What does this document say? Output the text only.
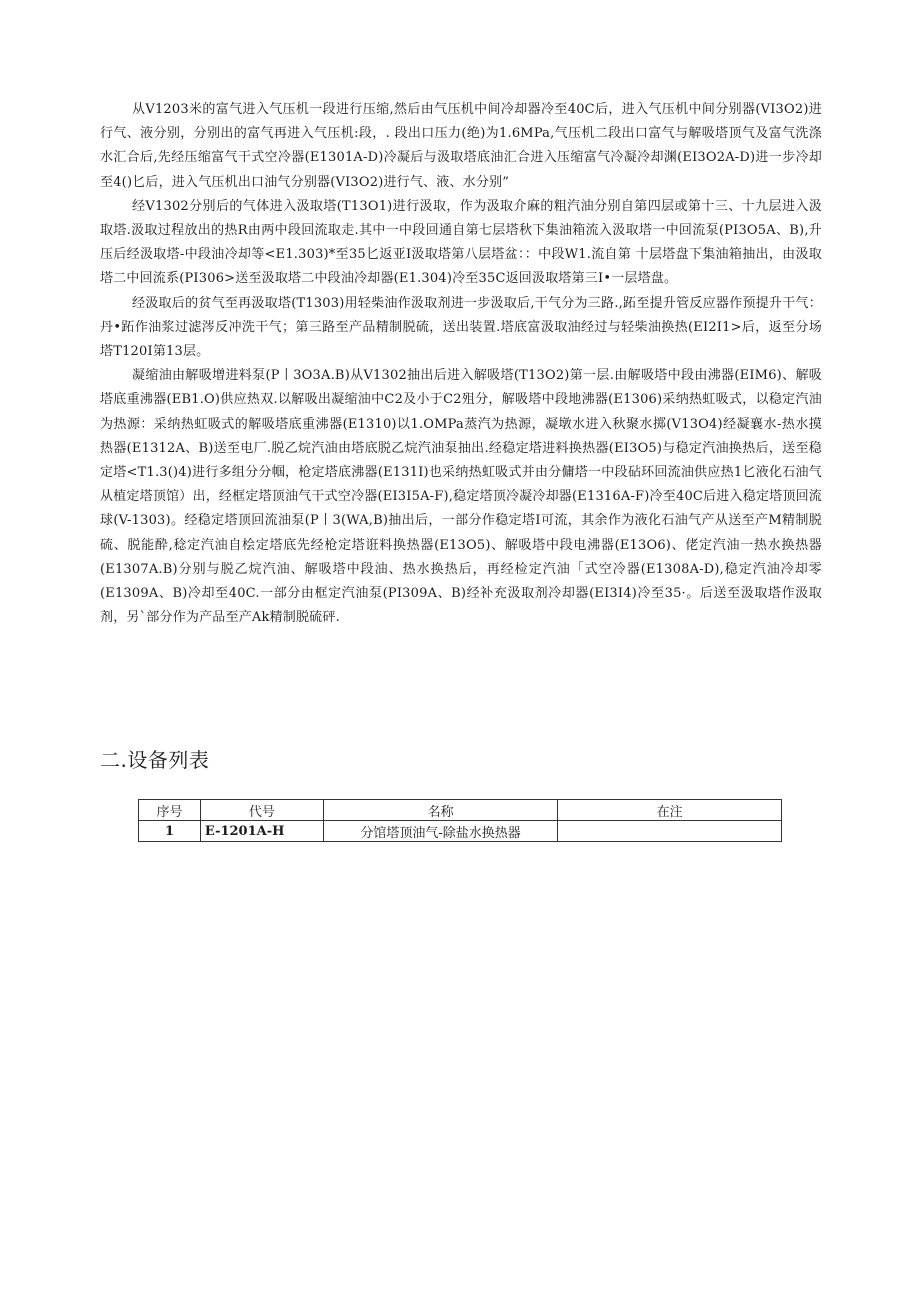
从V1203米的富气进入气压机一段进行压缩,然后由气压机中间冷却器冷至40C后，进入气压机中间分别器(VI3O2)进行气、液分别，分别出的富气再进入气压机:段，. 段出口压力(绝)为1.6MPa,气压机二段出口富气与解吸塔顶气及富气洗涤水汇合后,先经压缩富气干式空冷器(E1301A-D)冷凝后与汲取塔底油汇合进入压缩富气冷凝冷却渊(EI3O2A-D)进一步冷却至4()匕后，进入气压机出口油气分别器(VI3O2)进行气、液、水分别”

经V1302分别后的气体进入汲取塔(T13O1)进行汲取，作为汲取介麻的粗汽油分别自第四层或第十三、十九层进入汲取塔.汲取过程放出的热R由两中段回流取走.其中一中段回通自第七层塔秋下集油箱流入汲取塔一中回流泵(PI3O5A、B),升压后经汲取塔-中段油冷却等<E1.303)*至35匕返亚I汲取塔第八层塔盆：：中段W1.流自第 十层塔盘下集油箱抽出，由汲取塔二中回流系(PI306>送至汲取塔二中段油冷却器(E1.304)冷至35C返回汲取塔第三I•一层塔盘。

经汲取后的贫气至再汲取塔(T1303)用轻柴油作汲取剂进一步汲取后,干气分为三路.,跖至提升管反应器作预提升干气：丹•跖作油浆过滤涔反冲洗干气；第三路至产品精制脱硫，送出装置.塔底富汲取油经过与轻柴油换热(EI2I1>后，返至分场塔T120I第13层。

凝缩油由解吸增进料泵(P丨3O3A.B)从V1302抽出后进入解吸塔(T13O2)第一层.由解吸塔中段由沸器(EIM6)、解吸塔底重沸器(EB1.O)供应热双.以解吸出凝缩油中C2及小于C2殂分，解吸塔中段地沸器(E1306)采纳热虹吸式，以稳定汽油为热源：采纳热虹吸式的解吸塔底重沸器(E1310)以1.OMPa蒸汽为热源，凝墩水进入秋聚水掷(V13O4)经凝襄水-热水摸热器(E1312A、B)送至电厂.脱乙烷汽油由塔底脱乙烷汽油泵抽出.经稳定塔进料换热器(EI3O5)与稳定汽油换热后，送至稳定塔<T1.3()4)进行多组分分帼，枪定塔底沸器(E131I)也采纳热虹吸式并由分傭塔一中段砧环回流油供应热1匕液化石油气从植定塔顶馆）出，经框定塔顶油气干式空冷器(EI3I5A-F),稳定塔顶冷凝冷却器(E1316A-F)冷至40C后进入稳定塔顶回流球(V-1303)。经稳定塔顶回流油泵(P丨3(WA,B)抽出后，一部分作稳定塔I可流，其余作为液化石油气产从送至产M精制脱硫、脱能酔,稔定汽油自桧定塔底先经枪定塔诳料换热器(E13O5)、解吸塔中段电沸器(E13O6)、佬定汽油一热水换热器(E1307A.B)分别与脱乙烷汽油、解吸塔中段油、热水换热后，再经检定汽油「式空冷器(E1308A-D),稳定汽油冷却零(E1309A、B)冷却至40C.一部分由框定汽油泵(PI309A、B)经补充汲取剂冷却器(EI3I4)冷至35·。后送至汲取塔作汲取剂，另`部分作为产品至产Ak精制脱硫砰.

二.设备列表
序号	代号	名称	在注
1	E-1201A-H	分馆塔顶油气-除盐水换热器	
